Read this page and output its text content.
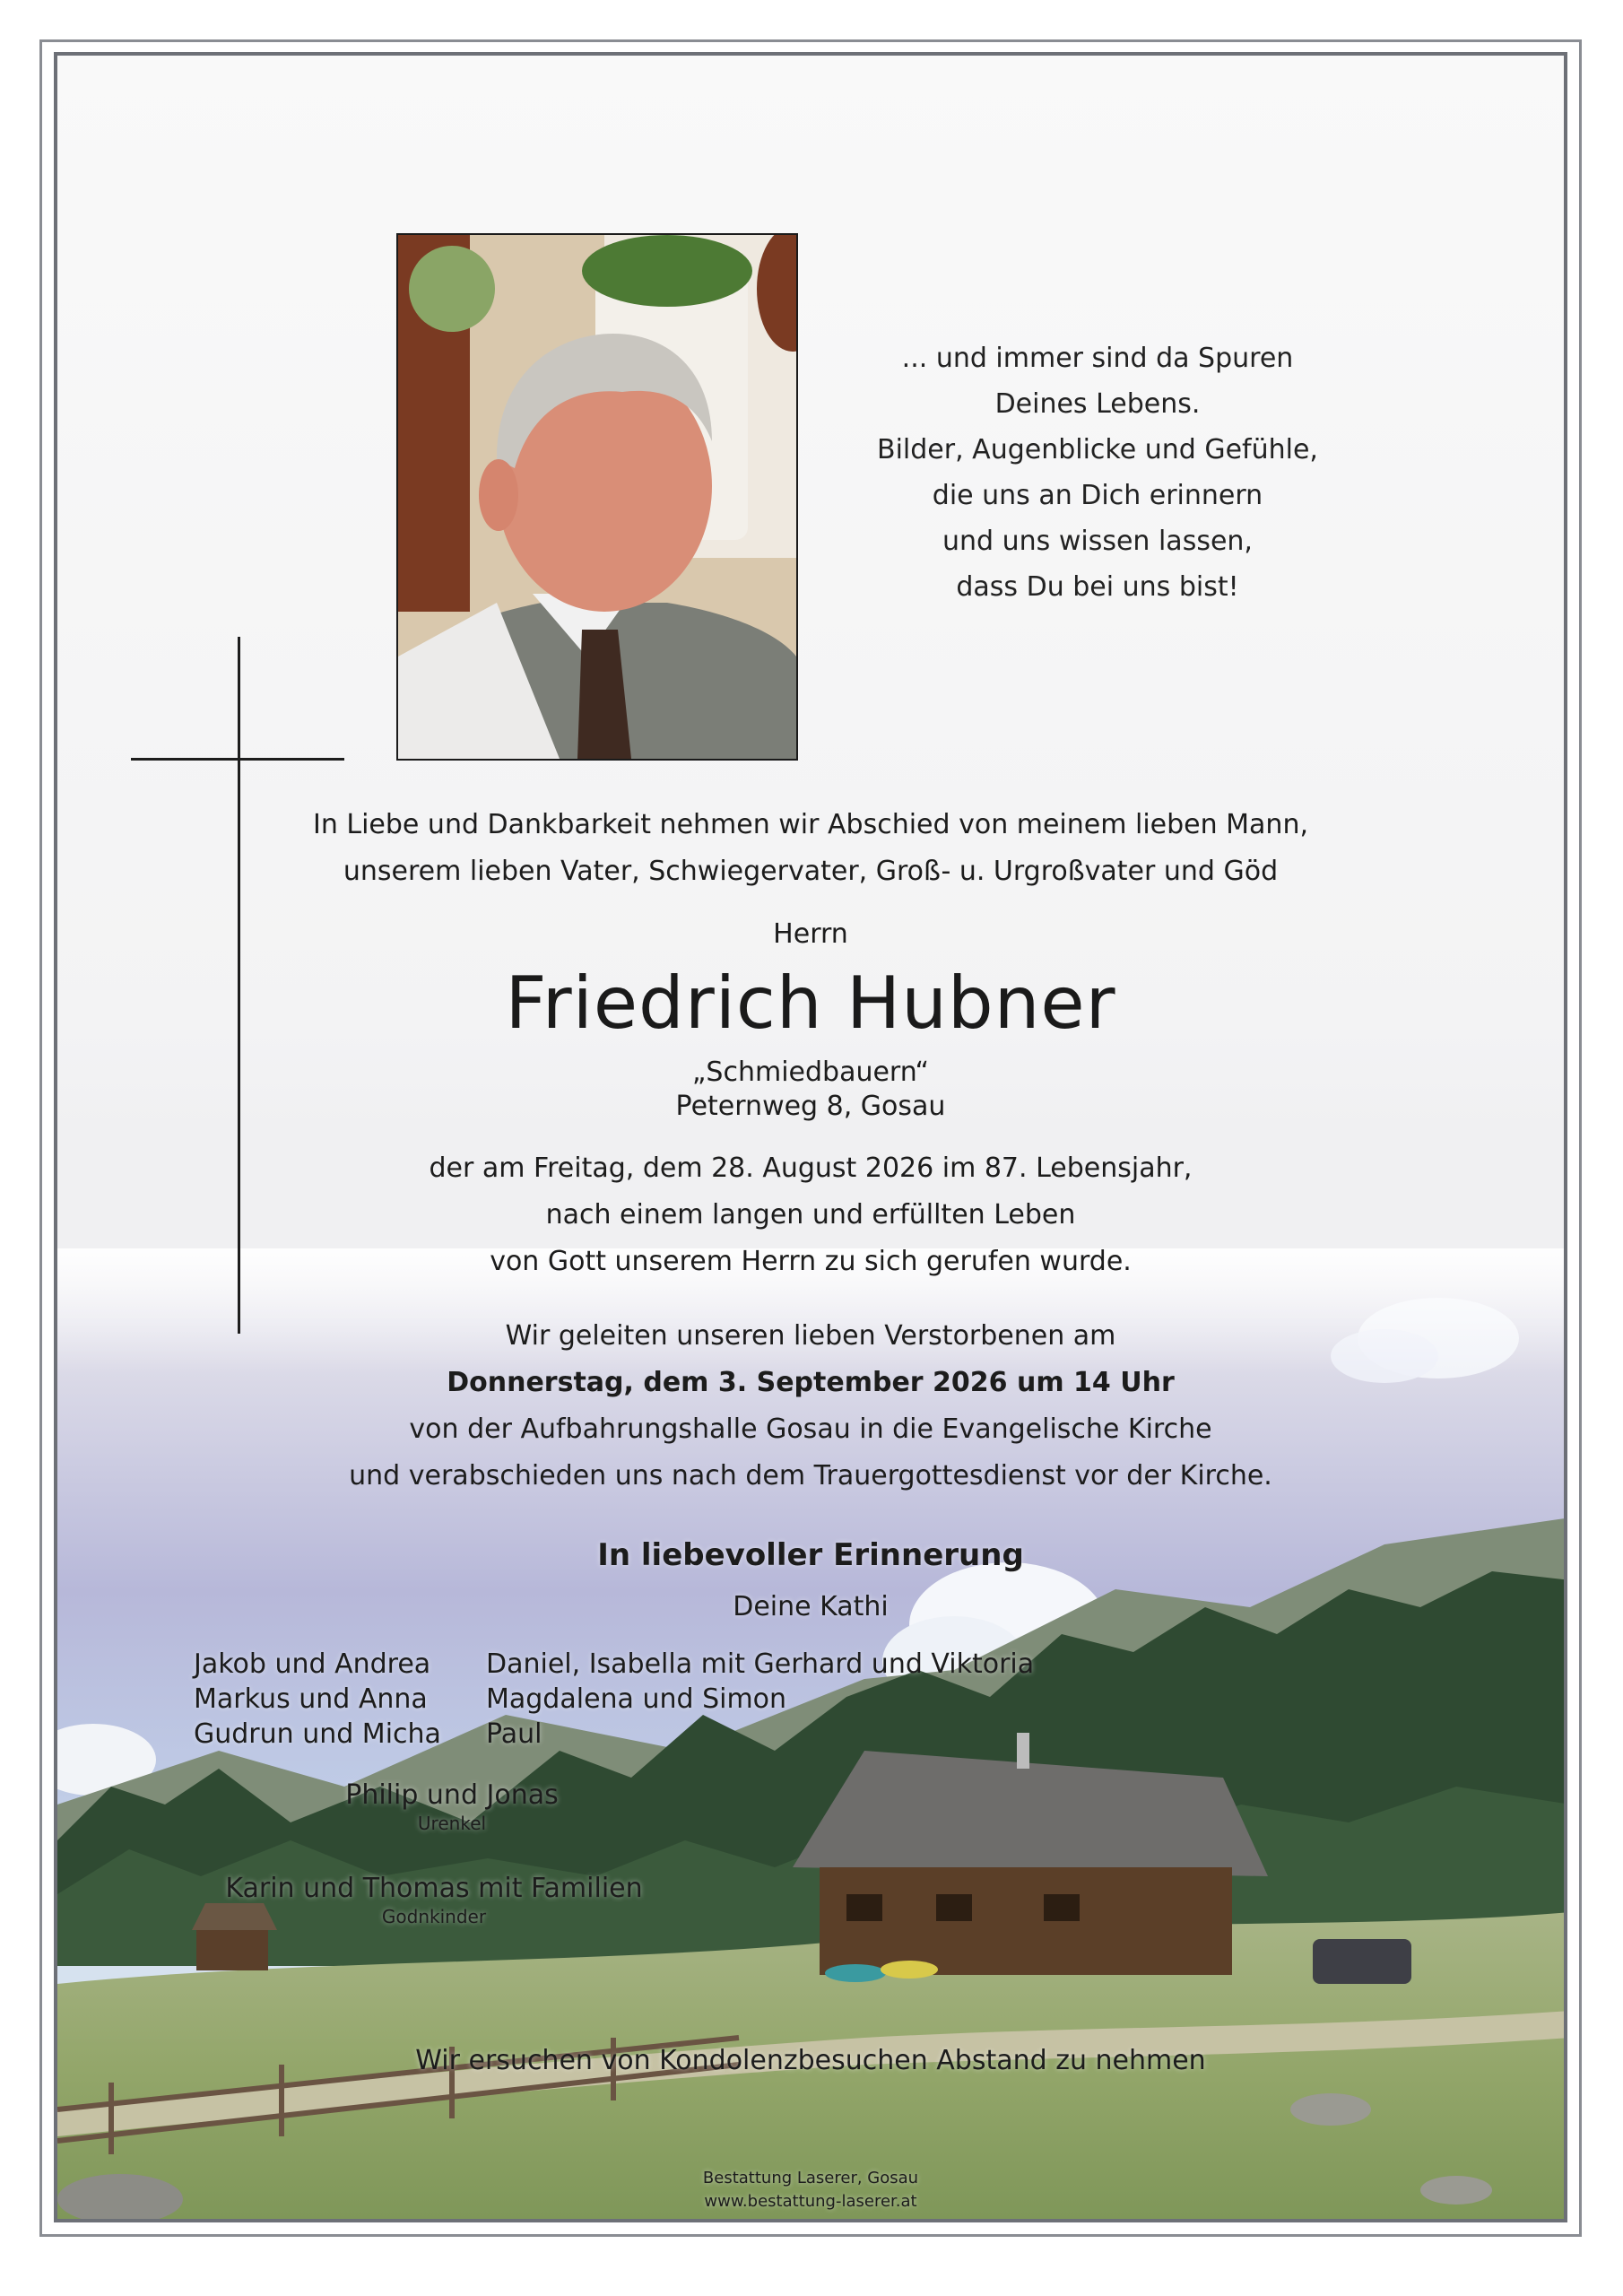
... und immer sind da Spuren
Deines Lebens.
Bilder, Augenblicke und Gefühle,
die uns an Dich erinnern
und uns wissen lassen,
dass Du bei uns bist!
In Liebe und Dankbarkeit nehmen wir Abschied von meinem lieben Mann,
unserem lieben Vater, Schwiegervater, Groß- u. Urgroßvater und Göd
Herrn
Friedrich Hubner
„Schmiedbauern“
Peternweg 8, Gosau
der am Freitag, dem 28. August 2026 im 87. Lebensjahr,
nach einem langen und erfüllten Leben
von Gott unserem Herrn zu sich gerufen wurde.
Wir geleiten unseren lieben Verstorbenen am
Donnerstag, dem 3. September 2026 um 14 Uhr
von der Aufbahrungshalle Gosau in die Evangelische Kirche
und verabschieden uns nach dem Trauergottesdienst vor der Kirche.
In liebevoller Erinnerung
Deine Kathi
Jakob und Andrea
Markus und Anna
Gudrun und Micha
Daniel, Isabella mit Gerhard und Viktoria
Magdalena und Simon
Paul
Philip und Jonas
Urenkel
Karin und Thomas mit Familien
Godnkinder
Wir ersuchen von Kondolenzbesuchen Abstand zu nehmen
Bestattung Laserer, Gosau
www.bestattung-laserer.at
